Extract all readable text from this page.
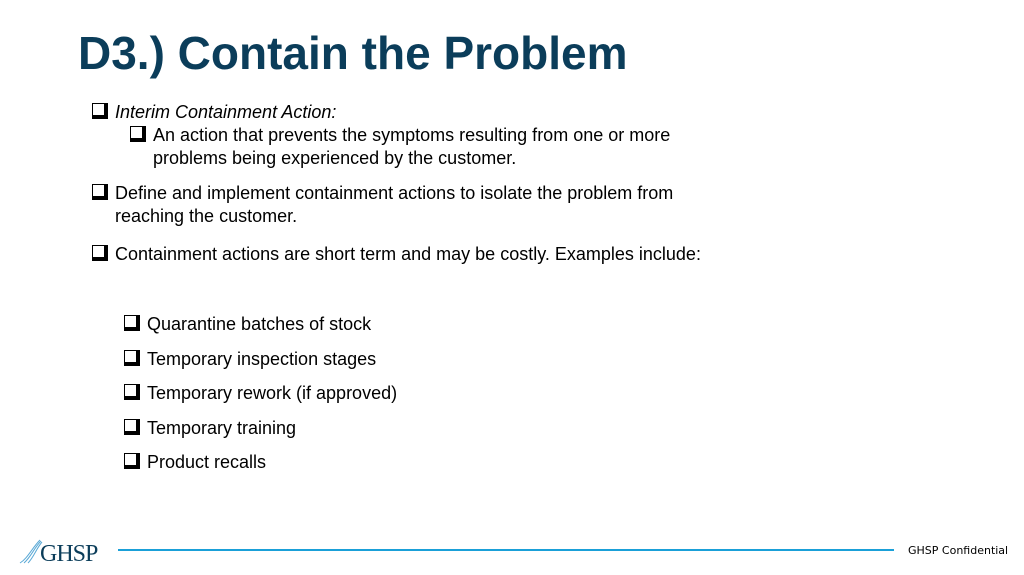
D3.) Contain the Problem
Interim Containment Action:
An action that prevents the symptoms resulting from one or more problems being experienced by the customer.
Define and implement containment actions to isolate the problem from reaching the customer.
Containment actions are short term and may be costly. Examples include:
Quarantine batches of stock
Temporary inspection stages
Temporary rework (if approved)
Temporary training
Product recalls
GHSP	GHSP Confidential
